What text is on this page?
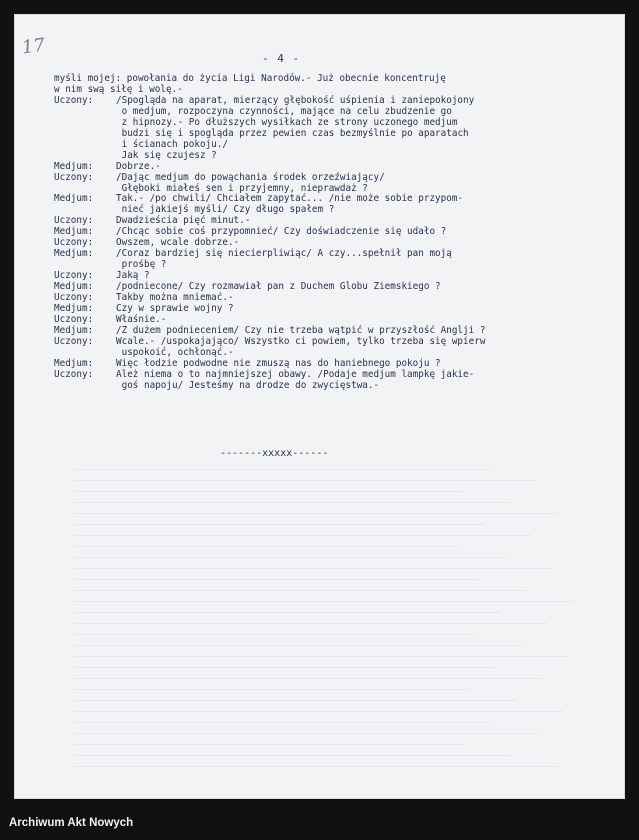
17
- 4 -
myśli mojej: powołania do życia Ligi Narodów.- Już obecnie koncentruję
w nim swą siłę i wolę.-
Uczony:	/Spogląda na aparat, mierzący głębokość uśpienia i zaniepokojony
o medjum, rozpoczyna czynności, mające na celu zbudzenie go
z hipnozy.- Po dłuższych wysiłkach ze strony uczonego medjum
budzi się i spogląda przez pewien czas bezmyślnie po aparatach
i ścianach pokoju./
Jak się czujesz ?
Medjum:	Dobrze.-
Uczony:	/Dając medjum do powąchania środek orzeźwiający/
Głęboki miałeś sen i przyjemny, nieprawdaż ?
Medjum:	Tak.- /po chwili/ Chciałem zapytać... /nie może sobie przypom-
nieć jakiejś myśli/ Czy długo spałem ?
Uczony:	Dwadzieścia pięć minut.-
Medjum:	/Chcąc sobie coś przypomnieć/ Czy doświadczenie się udało ?
Uczony:	Owszem, wcale dobrze.-
Medjum:	/Coraz bardziej się niecierpliwiąc/ A czy...spełnił pan moją
prośbę ?
Uczony:	Jaką ?
Medjum:	/podniecone/ Czy rozmawiał pan z Duchem Globu Ziemskiego ?
Uczony:	Takby można mniemać.-
Medjum:	Czy w sprawie wojny ?
Uczony:	Właśnie.-
Medjum:	/Z dużem podnieceniem/ Czy nie trzeba wątpić w przyszłość Anglji ?
Uczony:	Wcale.- /uspokajająco/ Wszystko ci powiem, tylko trzeba się wpierw
uspokoić, ochłonąć.-
Medjum:	Więc łodzie podwodne nie zmuszą nas do haniebnego pokoju ?
Uczony:	Ależ niema o to najmniejszej obawy. /Podaje medjum lampkę jakie-
goś napoju/ Jesteśmy na drodze do zwycięstwa.-
-------xxxxx------
Archiwum Akt Nowych
